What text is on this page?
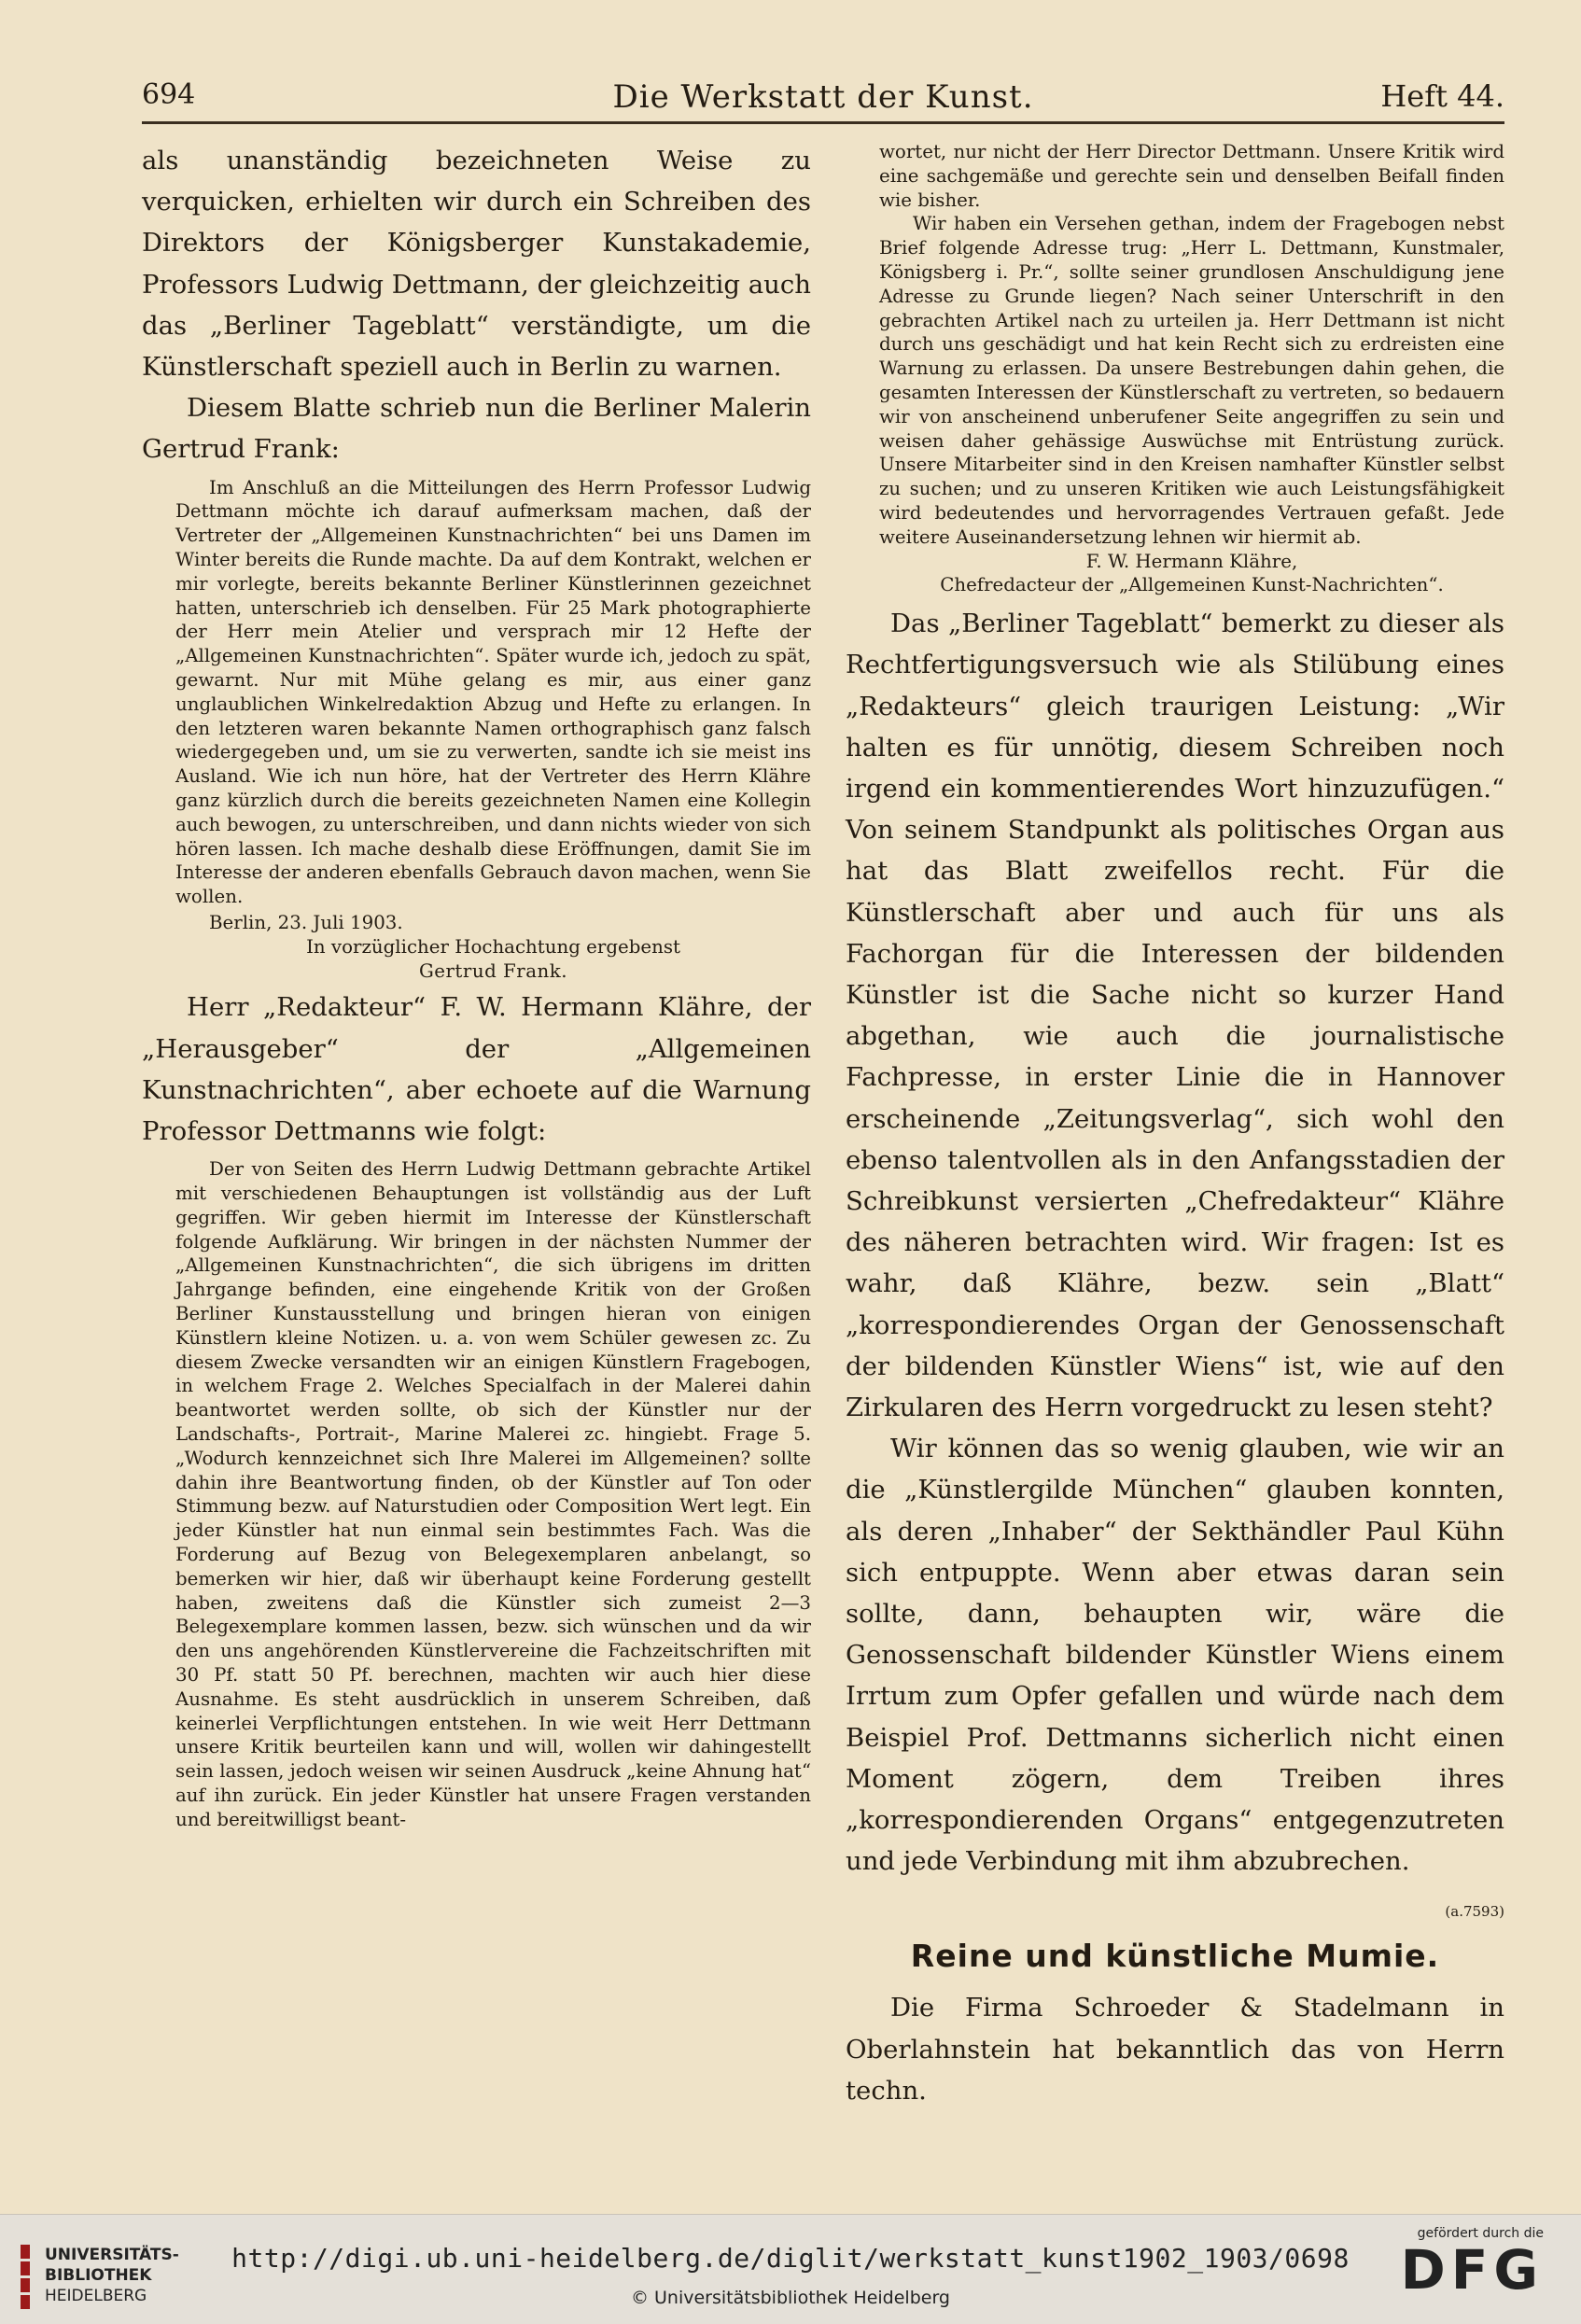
694	Die Werkstatt der Kunst.	Heft 44.

als unanständig bezeichneten Weise zu verquicken, erhielten wir durch ein Schreiben des Direktors der Königsberger Kunstakademie, Professors Ludwig Dettmann, der gleichzeitig auch das „Berliner Tageblatt“ verständigte, um die Künstlerschaft speziell auch in Berlin zu warnen.

Diesem Blatte schrieb nun die Berliner Malerin Gertrud Frank:

Im Anschluß an die Mitteilungen des Herrn Professor Ludwig Dettmann möchte ich darauf aufmerksam machen, daß der Vertreter der „Allgemeinen Kunstnachrichten“ bei uns Damen im Winter bereits die Runde machte. Da auf dem Kontrakt, welchen er mir vorlegte, bereits bekannte Berliner Künstlerinnen gezeichnet hatten, unterschrieb ich denselben. Für 25 Mark photographierte der Herr mein Atelier und versprach mir 12 Hefte der „Allgemeinen Kunstnachrichten“. Später wurde ich, jedoch zu spät, gewarnt. Nur mit Mühe gelang es mir, aus einer ganz unglaublichen Winkelredaktion Abzug und Hefte zu erlangen. In den letzteren waren bekannte Namen orthographisch ganz falsch wiedergegeben und, um sie zu verwerten, sandte ich sie meist ins Ausland. Wie ich nun höre, hat der Vertreter des Herrn Klähre ganz kürzlich durch die bereits gezeichneten Namen eine Kollegin auch bewogen, zu unterschreiben, und dann nichts wieder von sich hören lassen. Ich mache deshalb diese Eröffnungen, damit Sie im Interesse der anderen ebenfalls Gebrauch davon machen, wenn Sie wollen.

Berlin, 23. Juli 1903.

In vorzüglicher Hochachtung ergebenst

Gertrud Frank.

Herr „Redakteur“ F. W. Hermann Klähre, der „Herausgeber“ der „Allgemeinen Kunstnachrichten“, aber echoete auf die Warnung Professor Dettmanns wie folgt:

Der von Seiten des Herrn Ludwig Dettmann gebrachte Artikel mit verschiedenen Behauptungen ist vollständig aus der Luft gegriffen. Wir geben hiermit im Interesse der Künstlerschaft folgende Aufklärung. Wir bringen in der nächsten Nummer der „Allgemeinen Kunstnachrichten“, die sich übrigens im dritten Jahrgange befinden, eine eingehende Kritik von der Großen Berliner Kunstausstellung und bringen hieran von einigen Künstlern kleine Notizen. u. a. von wem Schüler gewesen zc. Zu diesem Zwecke versandten wir an einigen Künstlern Fragebogen, in welchem Frage 2. Welches Specialfach in der Malerei dahin beantwortet werden sollte, ob sich der Künstler nur der Landschafts-, Portrait-, Marine Malerei zc. hingiebt. Frage 5. „Wodurch kennzeichnet sich Ihre Malerei im Allgemeinen? sollte dahin ihre Beantwortung finden, ob der Künstler auf Ton oder Stimmung bezw. auf Naturstudien oder Composition Wert legt. Ein jeder Künstler hat nun einmal sein bestimmtes Fach. Was die Forderung auf Bezug von Belegexemplaren anbelangt, so bemerken wir hier, daß wir überhaupt keine Forderung gestellt haben, zweitens daß die Künstler sich zumeist 2—3 Belegexemplare kommen lassen, bezw. sich wünschen und da wir den uns angehörenden Künstlervereine die Fachzeitschriften mit 30 Pf. statt 50 Pf. berechnen, machten wir auch hier diese Ausnahme. Es steht ausdrücklich in unserem Schreiben, daß keinerlei Verpflichtungen entstehen. In wie weit Herr Dettmann unsere Kritik beurteilen kann und will, wollen wir dahingestellt sein lassen, jedoch weisen wir seinen Ausdruck „keine Ahnung hat“ auf ihn zurück. Ein jeder Künstler hat unsere Fragen verstanden und bereitwilligst beant-

wortet, nur nicht der Herr Director Dettmann. Unsere Kritik wird eine sachgemäße und gerechte sein und denselben Beifall finden wie bisher.

Wir haben ein Versehen gethan, indem der Fragebogen nebst Brief folgende Adresse trug: „Herr L. Dettmann, Kunstmaler, Königsberg i. Pr.“, sollte seiner grundlosen Anschuldigung jene Adresse zu Grunde liegen? Nach seiner Unterschrift in den gebrachten Artikel nach zu urteilen ja. Herr Dettmann ist nicht durch uns geschädigt und hat kein Recht sich zu erdreisten eine Warnung zu erlassen. Da unsere Bestrebungen dahin gehen, die gesamten Interessen der Künstlerschaft zu vertreten, so bedauern wir von anscheinend unberufener Seite angegriffen zu sein und weisen daher gehässige Auswüchse mit Entrüstung zurück. Unsere Mitarbeiter sind in den Kreisen namhafter Künstler selbst zu suchen; und zu unseren Kritiken wie auch Leistungsfähigkeit wird bedeutendes und hervorragendes Vertrauen gefaßt. Jede weitere Auseinandersetzung lehnen wir hiermit ab.

F. W. Hermann Klähre,

Chefredacteur der „Allgemeinen Kunst-Nachrichten“.

Das „Berliner Tageblatt“ bemerkt zu dieser als Rechtfertigungsversuch wie als Stilübung eines „Redakteurs“ gleich traurigen Leistung: „Wir halten es für unnötig, diesem Schreiben noch irgend ein kommentierendes Wort hinzuzufügen.“ Von seinem Standpunkt als politisches Organ aus hat das Blatt zweifellos recht. Für die Künstlerschaft aber und auch für uns als Fachorgan für die Interessen der bildenden Künstler ist die Sache nicht so kurzer Hand abgethan, wie auch die journalistische Fachpresse, in erster Linie die in Hannover erscheinende „Zeitungsverlag“, sich wohl den ebenso talentvollen als in den Anfangsstadien der Schreibkunst versierten „Chefredakteur“ Klähre des näheren betrachten wird. Wir fragen: Ist es wahr, daß Klähre, bezw. sein „Blatt“ „korrespondierendes Organ der Genossenschaft der bildenden Künstler Wiens“ ist, wie auf den Zirkularen des Herrn vorgedruckt zu lesen steht?

Wir können das so wenig glauben, wie wir an die „Künstlergilde München“ glauben konnten, als deren „Inhaber“ der Sekthändler Paul Kühn sich entpuppte. Wenn aber etwas daran sein sollte, dann, behaupten wir, wäre die Genossenschaft bildender Künstler Wiens einem Irrtum zum Opfer gefallen und würde nach dem Beispiel Prof. Dettmanns sicherlich nicht einen Moment zögern, dem Treiben ihres „korrespondierenden Organs“ entgegenzutreten und jede Verbindung mit ihm abzubrechen.
(a.7593)

Reine und künstliche Mumie.

Die Firma Schroeder & Stadelmann in Oberlahnstein hat bekanntlich das von Herrn techn.

UNIVERSITÄTS-
BIBLIOTHEK
HEIDELBERG
http://digi.ub.uni-heidelberg.de/diglit/werkstatt_kunst1902_1903/0698
© Universitätsbibliothek Heidelberg
gefördert durch die
DFG
